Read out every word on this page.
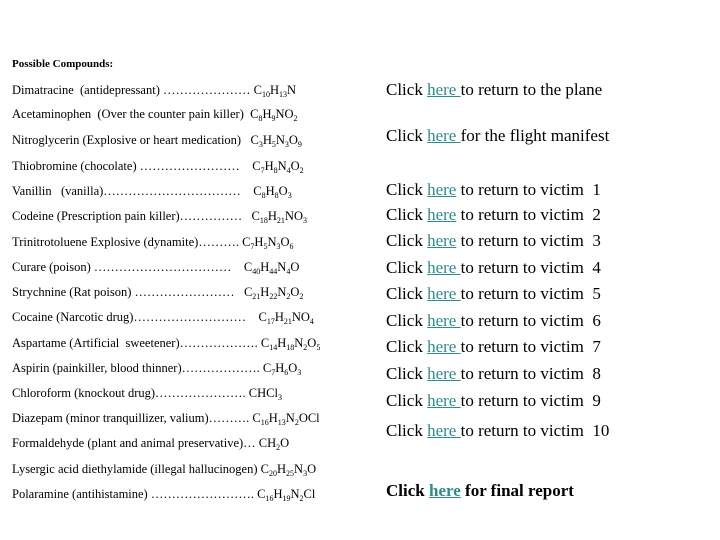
Possible Compounds:
Dimatracine  (antidepressant) ………………… $C_{10}H_{13}N$
Acetaminophen  (Over the counter pain killer)  $C_8H_9NO_2$
Nitroglycerin (Explosive or heart medication)   $C_3H_5N_3O_9$
Thiobromine (chocolate) ……………………    $C_7H_8N_4O_2$
Vanillin   (vanilla)……………………………    $C_8H_8O_3$
Codeine (Prescription pain killer)……………   $C_{18}H_{21}NO_3$
Trinitrotoluene Explosive (dynamite)………. $C_7H_5N_3O_6$
Curare (poison) ……………………………    $C_{40}H_{44}N_4O$
Strychnine (Rat poison) ……………………   $C_{21}H_{22}N_2O_2$
Cocaine (Narcotic drug)………………………    $C_{17}H_{21}NO_4$
Aspartame (Artificial  sweetener)………………. $C_{14}H_{18}N_2O_5$
Aspirin (painkiller, blood thinner)………………. $C_7H_6O_3$
Chloroform (knockout drug)…………………. CHCl$_3$
Diazepam (minor tranquillizer, valium)………. $C_{16}H_{13}N_2OCl$
Formaldehyde (plant and animal preservative)… $CH_2O$
Lysergic acid diethylamide (illegal hallucinogen) $C_{20}H_{25}N_3O$
Polaramine (antihistamine) ……………………. $C_{16}H_{19}N_2Cl$
Click here to return to the plane
Click here for the flight manifest
Click here to return to victim  1
Click here to return to victim  2
Click here to return to victim  3
Click here to return to victim  4
Click here to return to victim  5
Click here to return to victim  6
Click here to return to victim  7
Click here to return to victim  8
Click here to return to victim  9
Click here to return to victim  10
Click here for final report
